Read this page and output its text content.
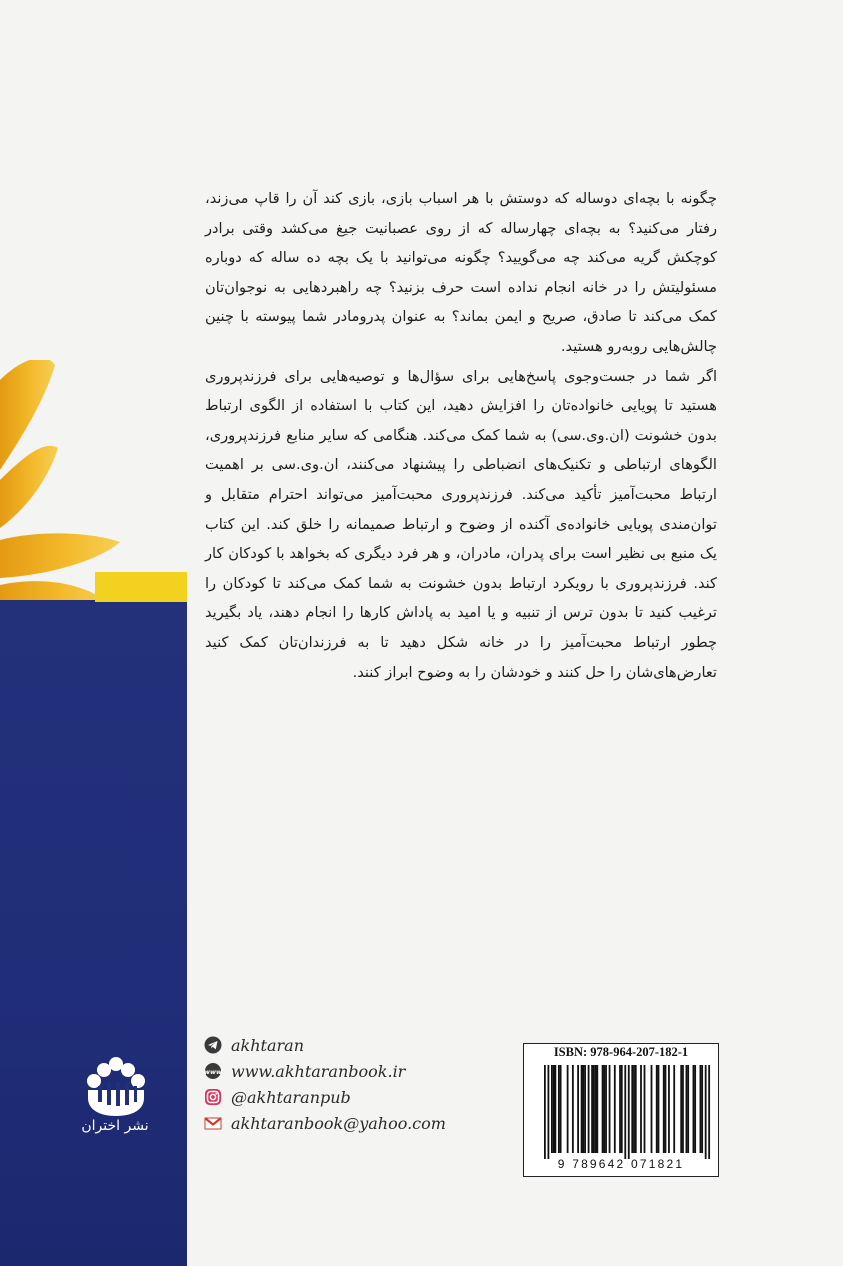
نشر اختران

چگونه با بچه‌ای دوساله که دوستش با هر اسباب بازی، بازی کند آن را قاپ می‌زند، رفتار می‌کنید؟ به بچه‌ای چهارساله که از روی عصبانیت جیغ می‌کشد وقتی برادر کوچکش گریه می‌کند چه می‌گویید؟ چگونه می‌توانید با یک بچه ده ساله که دوباره مسئولیتش را در خانه انجام نداده است حرف بزنید؟ چه راهبردهایی به نوجوان‌تان کمک می‌کند تا صادق، صریح و ایمن بماند؟ به عنوان پدرومادر شما پیوسته با چنین چالش‌هایی روبه‌رو هستید.

اگر شما در جست‌وجوی پاسخ‌هایی برای سؤال‌ها و توصیه‌هایی برای فرزندپروری هستید تا پویایی خانواده‌تان را افزایش دهید، این کتاب با استفاده از الگوی ارتباط بدون خشونت (ان.وی.سی) به شما کمک می‌کند. هنگامی که سایر منابع فرزندپروری، الگوهای ارتباطی و تکنیک‌های انضباطی را پیشنهاد می‌کنند، ان.وی.سی بر اهمیت ارتباط محبت‌آمیز تأکید می‌کند. فرزندپروری محبت‌آمیز می‌تواند احترام متقابل و توان‌مندی پویایی خانواده‌ی آکنده از وضوح و ارتباط صمیمانه را خلق کند. این کتاب یک منبع بی نظیر است برای پدران، مادران، و هر فرد دیگری که بخواهد با کودکان کار کند. فرزندپروری با رویکرد ارتباط بدون خشونت به شما کمک می‌کند تا کودکان را ترغیب کنید تا بدون ترس از تنبیه و یا امید به پاداش کارها را انجام دهند، یاد بگیرید چطور ارتباط محبت‌آمیز را در خانه شکل دهید تا به فرزندان‌تان کمک کنید تعارض‌های‌شان را حل کنند و خودشان را به وضوح ابراز کنند.

akhtaran
www www.akhtaranbook.ir
@akhtaranpub
akhtaranbook@yahoo.com
ISBN: 978-964-207-182-1
9 789642 071821
